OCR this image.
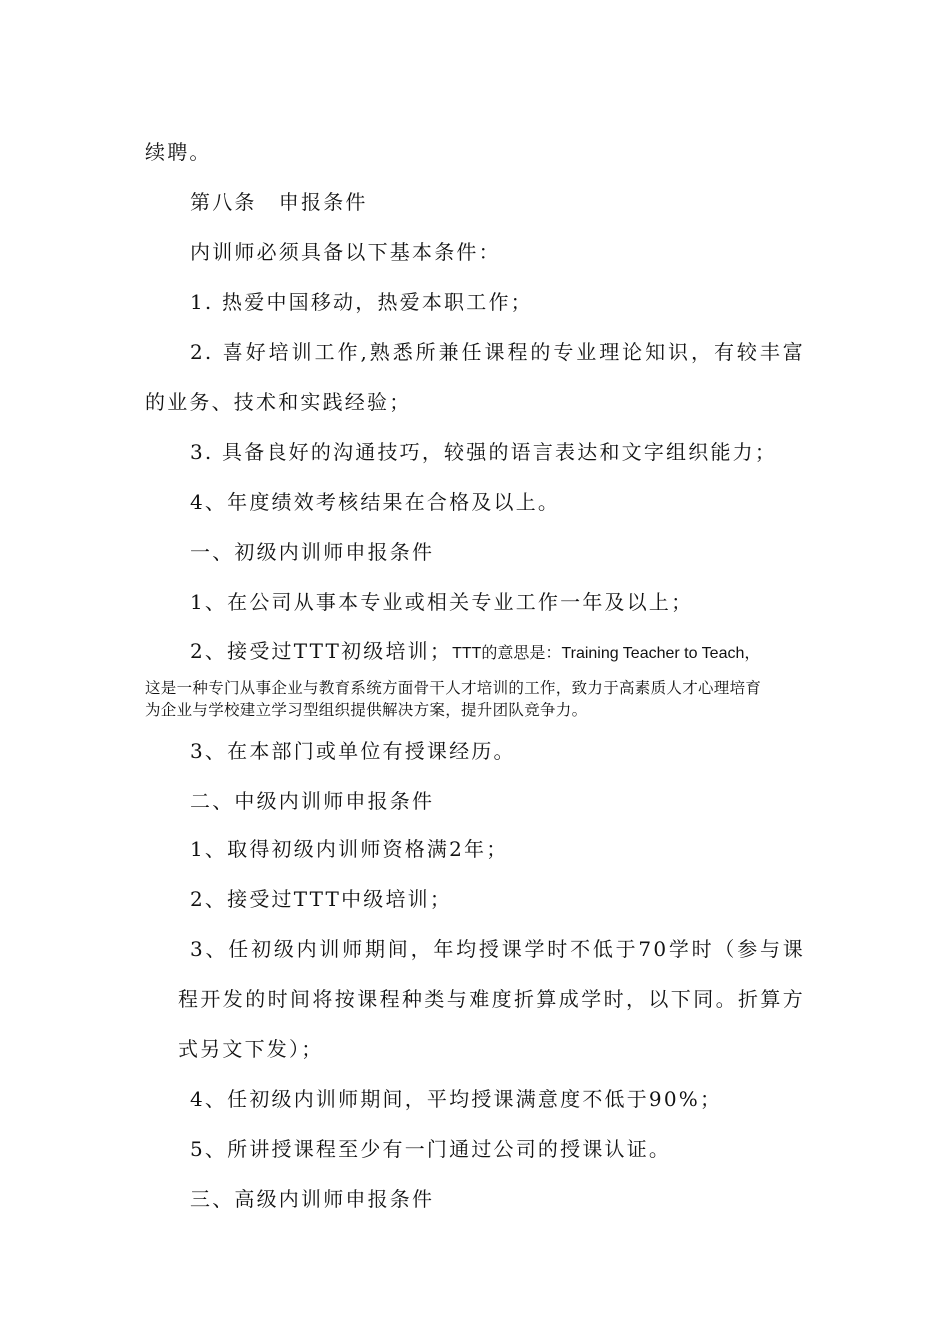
续聘。
第八条　申报条件
内训师必须具备以下基本条件：
1. 热爱中国移动，热爱本职工作；
2. 喜好培训工作,熟悉所兼任课程的专业理论知识，有较丰富
的业务、技术和实践经验；
3. 具备良好的沟通技巧，较强的语言表达和文字组织能力；
4、年度绩效考核结果在合格及以上。
一、初级内训师申报条件
1、在公司从事本专业或相关专业工作一年及以上；
2、接受过TTT初级培训；TTT的意思是：Training Teacher to Teach，
这是一种专门从事企业与教育系统方面骨干人才培训的工作，致力于高素质人才心理培育
为企业与学校建立学习型组织提供解决方案，提升团队竞争力。
3、在本部门或单位有授课经历。
二、中级内训师申报条件
1、取得初级内训师资格满2年；
2、接受过TTT中级培训；
3、任初级内训师期间，年均授课学时不低于70学时（参与课
程开发的时间将按课程种类与难度折算成学时，以下同。折算方
式另文下发）；
4、任初级内训师期间，平均授课满意度不低于90%；
5、所讲授课程至少有一门通过公司的授课认证。
三、高级内训师申报条件
